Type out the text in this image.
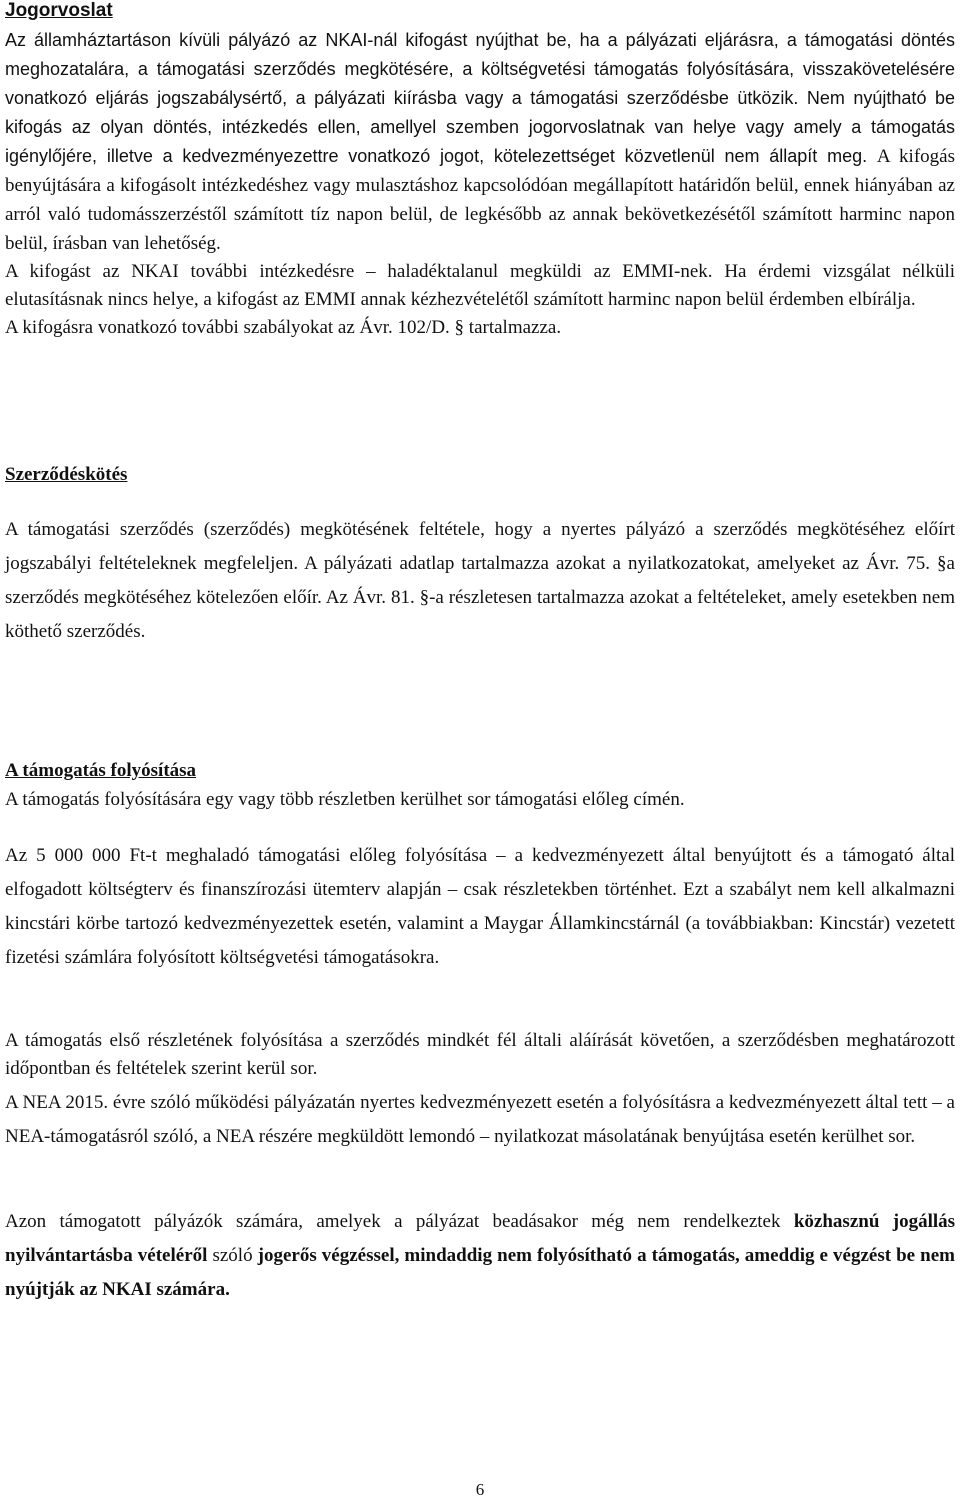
Jogorvoslat

Az államháztartáson kívüli pályázó az NKAI-nál kifogást nyújthat be, ha a pályázati eljárásra, a támogatási döntés meghozatalára, a támogatási szerződés megkötésére, a költségvetési támogatás folyósítására, visszakövetelésére vonatkozó eljárás jogszabálysértő, a pályázati kiírásba vagy a támogatási szerződésbe ütközik. Nem nyújtható be kifogás az olyan döntés, intézkedés ellen, amellyel szemben jogorvoslatnak van helye vagy amely a támogatás igénylőjére, illetve a kedvezményezettre vonatkozó jogot, kötelezettséget közvetlenül nem állapít meg. A kifogás benyújtására a kifogásolt intézkedéshez vagy mulasztáshoz kapcsolódóan megállapított határidőn belül, ennek hiányában az arról való tudomásszerzéstől számított tíz napon belül, de legkésőbb az annak bekövetkezésétől számított harminc napon belül, írásban van lehetőség.

A kifogást az NKAI további intézkedésre – haladéktalanul megküldi az EMMI-nek. Ha érdemi vizsgálat nélküli elutasításnak nincs helye, a kifogást az EMMI annak kézhezvételétől számított harminc napon belül érdemben elbírálja.

A kifogásra vonatkozó további szabályokat az Ávr. 102/D. § tartalmazza.

Szerződéskötés

A támogatási szerződés (szerződés) megkötésének feltétele, hogy a nyertes pályázó a szerződés megkötéséhez előírt jogszabályi feltételeknek megfeleljen. A pályázati adatlap tartalmazza azokat a nyilatkozatokat, amelyeket az Ávr. 75. §a szerződés megkötéséhez kötelezően előír. Az Ávr. 81. §-a részletesen tartalmazza azokat a feltételeket, amely esetekben nem köthető szerződés.

A támogatás folyósítása

A támogatás folyósítására egy vagy több részletben kerülhet sor támogatási előleg címén.

Az 5 000 000 Ft-t meghaladó támogatási előleg folyósítása – a kedvezményezett által benyújtott és a támogató által elfogadott költségterv és finanszírozási ütemterv alapján – csak részletekben történhet. Ezt a szabályt nem kell alkalmazni kincstári körbe tartozó kedvezményezettek esetén, valamint a Maygar Államkincstárnál (a továbbiakban: Kincstár) vezetett fizetési számlára folyósított költségvetési támogatásokra.

A támogatás első részletének folyósítása a szerződés mindkét fél általi aláírását követően, a szerződésben meghatározott időpontban és feltételek szerint kerül sor.

A NEA 2015. évre szóló működési pályázatán nyertes kedvezményezett esetén a folyósításra a kedvezményezett által tett – a NEA-támogatásról szóló, a NEA részére megküldött lemondó – nyilatkozat másolatának benyújtása esetén kerülhet sor.

Azon támogatott pályázók számára, amelyek a pályázat beadásakor még nem rendelkeztek közhasznú jogállás nyilvántartásba vételéről szóló jogerős végzéssel, mindaddig nem folyósítható a támogatás, ameddig e végzést be nem nyújtják az NKAI számára.

6
